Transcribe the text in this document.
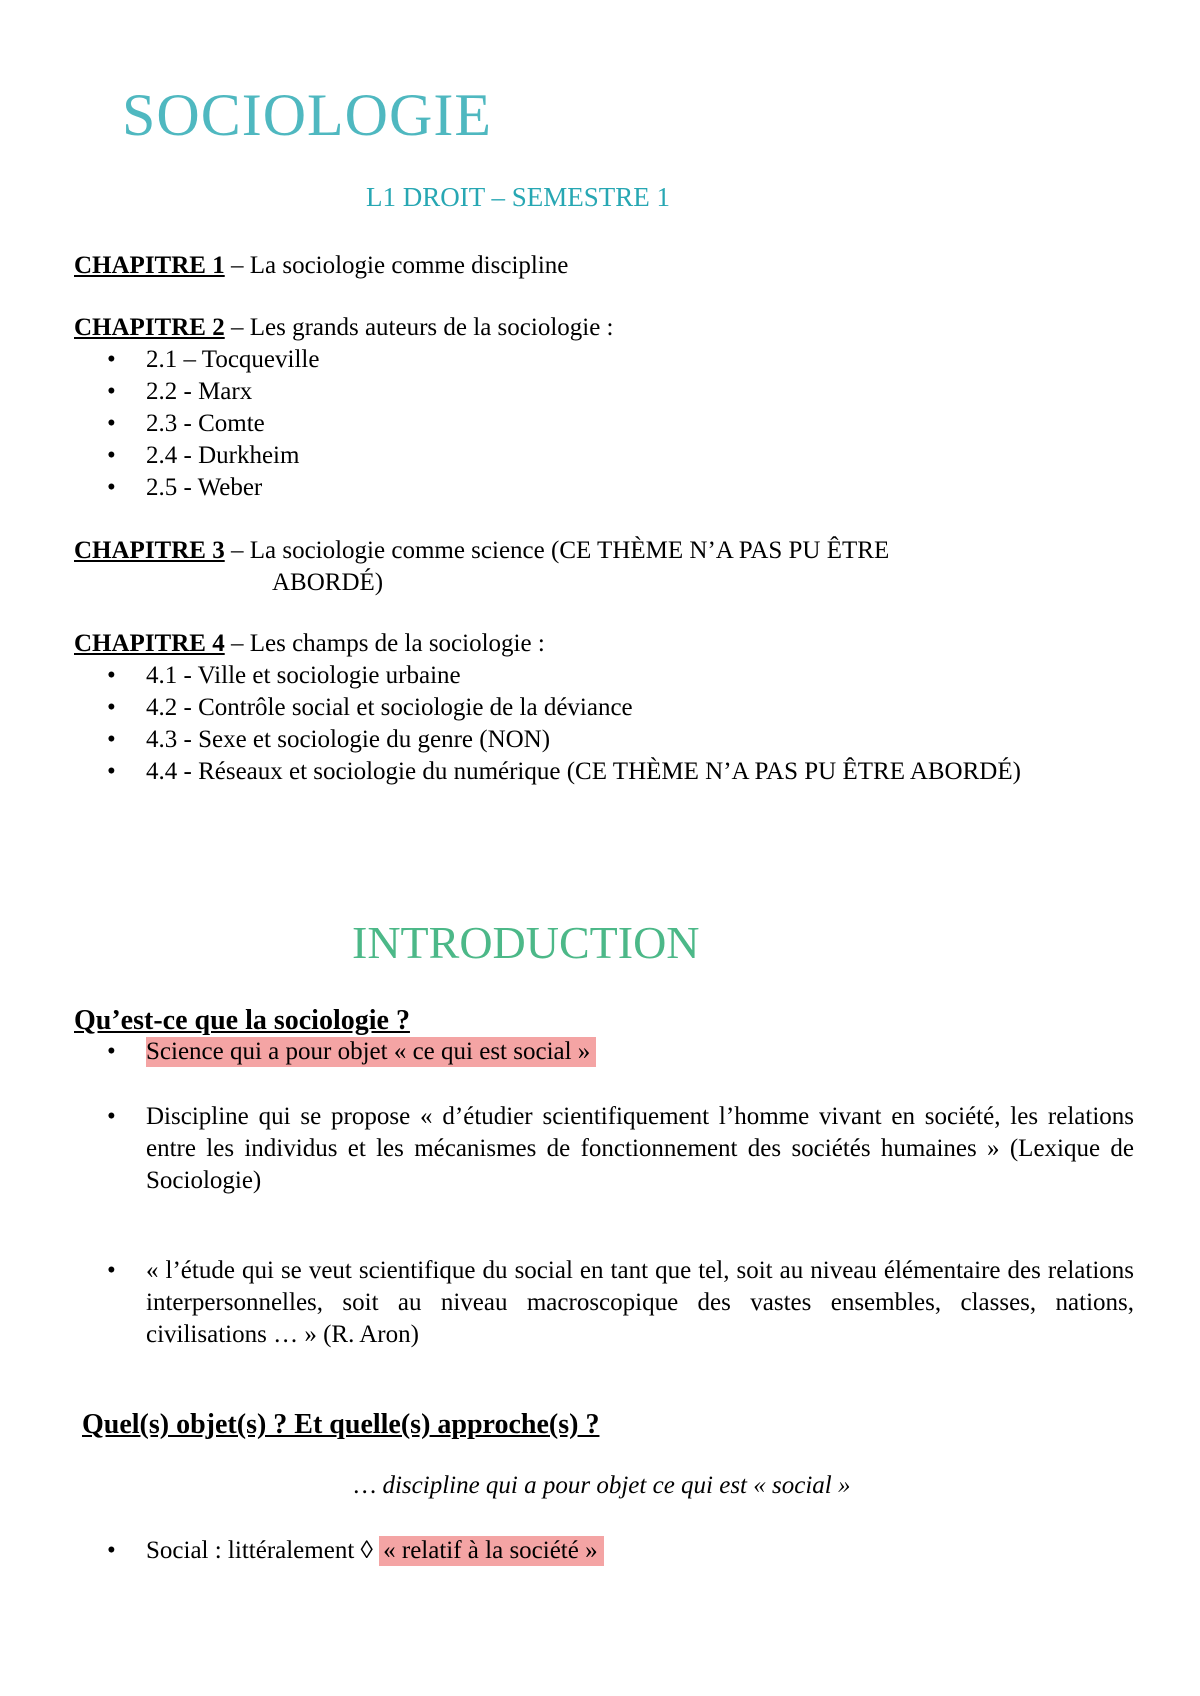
SOCIOLOGIE
L1 DROIT – SEMESTRE 1
CHAPITRE 1 – La sociologie comme discipline
CHAPITRE 2 – Les grands auteurs de la sociologie :
• 2.1 – Tocqueville
• 2.2 - Marx
• 2.3 - Comte
• 2.4 - Durkheim
• 2.5 - Weber
CHAPITRE 3 – La sociologie comme science (CE THÈME N’A PAS PU ÊTRE
ABORDÉ)
CHAPITRE 4 – Les champs de la sociologie :
• 4.1 - Ville et sociologie urbaine
• 4.2 - Contrôle social et sociologie de la déviance
• 4.3 - Sexe et sociologie du genre (NON)
• 4.4 - Réseaux et sociologie du numérique (CE THÈME N’A PAS PU ÊTRE ABORDÉ)
INTRODUCTION
Qu’est-ce que la sociologie ?
• Science qui a pour objet « ce qui est social »
• Discipline qui se propose « d’étudier scientifiquement l’homme vivant en société, les relations entre les individus et les mécanismes de fonctionnement des sociétés humaines » (Lexique de Sociologie)
• « l’étude qui se veut scientifique du social en tant que tel, soit au niveau élémentaire des relations interpersonnelles, soit au niveau macroscopique des vastes ensembles, classes, nations, civilisations … » (R. Aron)
Quel(s) objet(s) ? Et quelle(s) approche(s) ?
… discipline qui a pour objet ce qui est « social »
• Social : littéralement ◊ « relatif à la société »
